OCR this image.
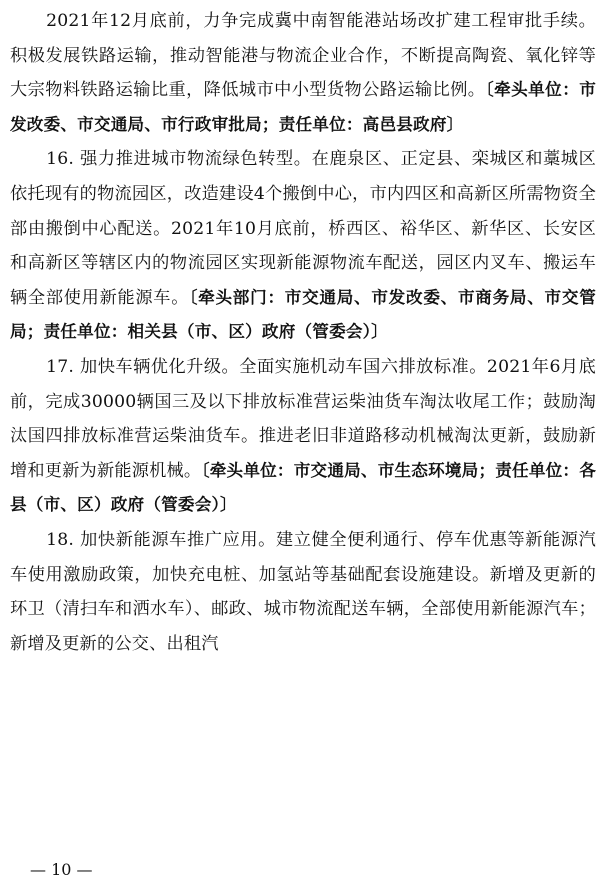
2021年12月底前，力争完成冀中南智能港站场改扩建工程审批手续。积极发展铁路运输，推动智能港与物流企业合作，不断提高陶瓷、氧化锌等大宗物料铁路运输比重，降低城市中小型货物公路运输比例。〔牵头单位：市发改委、市交通局、市行政审批局；责任单位：高邑县政府〕

16. 强力推进城市物流绿色转型。在鹿泉区、正定县、栾城区和藁城区依托现有的物流园区，改造建设4个搬倒中心，市内四区和高新区所需物资全部由搬倒中心配送。2021年10月底前，桥西区、裕华区、新华区、长安区和高新区等辖区内的物流园区实现新能源物流车配送，园区内叉车、搬运车辆全部使用新能源车。〔牵头部门：市交通局、市发改委、市商务局、市交管局；责任单位：相关县（市、区）政府（管委会）〕

17. 加快车辆优化升级。全面实施机动车国六排放标准。2021年6月底前，完成30000辆国三及以下排放标准营运柴油货车淘汰收尾工作；鼓励淘汰国四排放标准营运柴油货车。推进老旧非道路移动机械淘汰更新，鼓励新增和更新为新能源机械。〔牵头单位：市交通局、市生态环境局；责任单位：各县（市、区）政府（管委会）〕

18. 加快新能源车推广应用。建立健全便利通行、停车优惠等新能源汽车使用激励政策，加快充电桩、加氢站等基础配套设施建设。新增及更新的环卫（清扫车和洒水车）、邮政、城市物流配送车辆，全部使用新能源汽车；新增及更新的公交、出租汽

— 10 —
